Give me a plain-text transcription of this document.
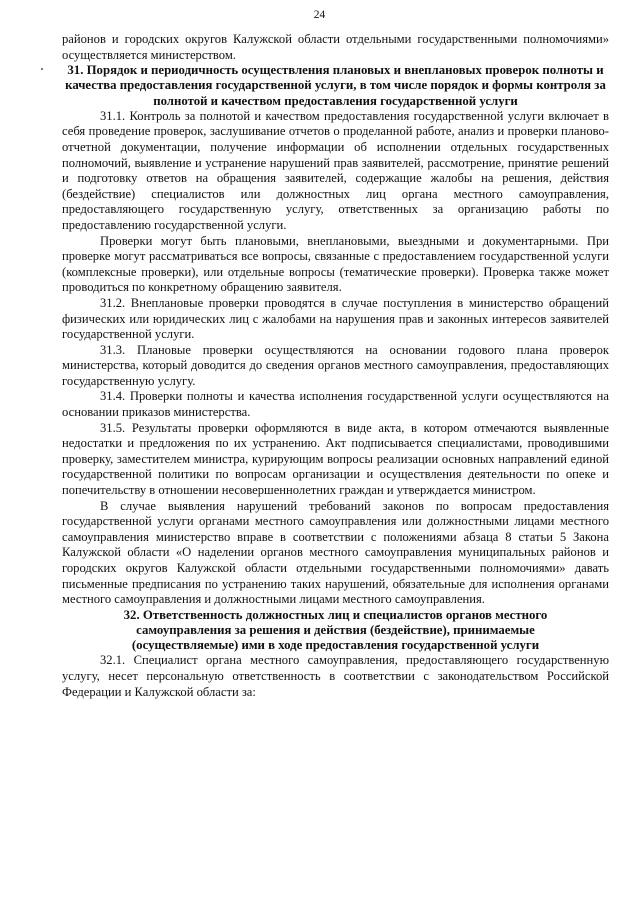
24

районов и городских округов Калужской области отдельными государственными полномочиями» осуществляется министерством.

31. Порядок и периодичность осуществления плановых и внеплановых проверок полноты и качества предоставления государственной услуги, в том числе порядок и формы контроля за полнотой и качеством предоставления государственной услуги

31.1. Контроль за полнотой и качеством предоставления государственной услуги включает в себя проведение проверок, заслушивание отчетов о проделанной работе, анализ и проверки планово-отчетной документации, получение информации об исполнении отдельных государственных полномочий, выявление и устранение нарушений прав заявителей, рассмотрение, принятие решений и подготовку ответов на обращения заявителей, содержащие жалобы на решения, действия (бездействие) специалистов или должностных лиц органа местного самоуправления, предоставляющего государственную услугу, ответственных за организацию работы по предоставлению государственной услуги.

Проверки могут быть плановыми, внеплановыми, выездными и документарными. При проверке могут рассматриваться все вопросы, связанные с предоставлением государственной услуги (комплексные проверки), или отдельные вопросы (тематические проверки). Проверка также может проводиться по конкретному обращению заявителя.

31.2. Внеплановые проверки проводятся в случае поступления в министерство обращений физических или юридических лиц с жалобами на нарушения прав и законных интересов заявителей государственной услуги.

31.3. Плановые проверки осуществляются на основании годового плана проверок министерства, который доводится до сведения органов местного самоуправления, предоставляющих государственную услугу.

31.4. Проверки полноты и качества исполнения государственной услуги осуществляются на основании приказов министерства.

31.5. Результаты проверки оформляются в виде акта, в котором отмечаются выявленные недостатки и предложения по их устранению. Акт подписывается специалистами, проводившими проверку, заместителем министра, курирующим вопросы реализации основных направлений единой государственной политики по вопросам организации и осуществления деятельности по опеке и попечительству в отношении несовершеннолетних граждан и утверждается министром.

В случае выявления нарушений требований законов по вопросам предоставления государственной услуги органами местного самоуправления или должностными лицами местного самоуправления министерство вправе в соответствии с положениями абзаца 8 статьи 5 Закона Калужской области «О наделении органов местного самоуправления муниципальных районов и городских округов Калужской области отдельными государственными полномочиями» давать письменные предписания по устранению таких нарушений, обязательные для исполнения органами местного самоуправления и должностными лицами местного самоуправления.

32. Ответственность должностных лиц и специалистов органов местного самоуправления за решения и действия (бездействие), принимаемые (осуществляемые) ими в ходе предоставления государственной услуги

32.1. Специалист органа местного самоуправления, предоставляющего государственную услугу, несет персональную ответственность в соответствии с законодательством Российской Федерации и Калужской области за:
